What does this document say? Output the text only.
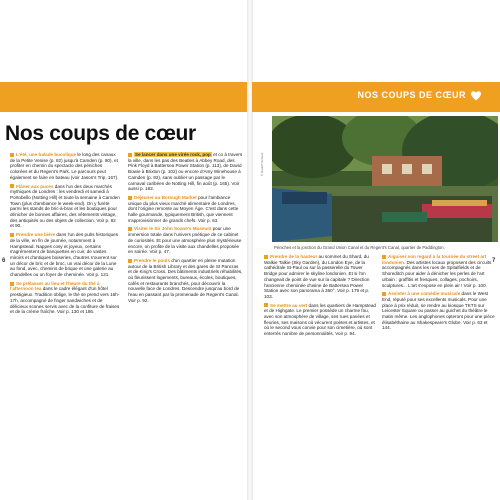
Nos coups de cœur
L'été, une balade bucolique le long des canaux de la Petite Venise (p. 82) jusqu'à Camden (p. 90), et profiter en chemin du spectacle des péniches colorées et du Regent's Park. Le parcours peut également se faire en bateau (voir Jason's Trip, 167).
Flâner aux puces dans l'un des deux marchés mythiques de Londres : les vendredi et samedi à Portobello (Notting Hill) et toute la semaine à Camden Town (plus d'ambiance le week-end). On y furète parmi les stands de bric-à-brac et les boutiques pour dénicher de bonnes affaires, des vêtements vintage, des antiquités ou des objets de collection. Voir p. 82 et 90.
Prendre une bière dans l'un des pubs historiques de la ville, en fin de journée, notamment à Hampstead. Nappes cosy et joyeux, certains s'agrémentent de banquettes en cuir, de vastes miroirs et d'antiques boiseries, d'autres s'ouvrent sur un décor de bric et de broc, un vrai décor de la Lune au fond, avec, chemins de brique et une galerie au chandelles ou un foyer de cheminée. Voir p. 121.
Se prélasser au lieu et l'heure du thé à l'afternoon tea dans le cadre élégant d'un hôtel prestigieux. Tradition oblige, le thé se prend vers 16h-17h, accompagné de finger sandwiches et de délicieux scones servis avec de la confiture de fraises et de la crème fraîche. Voir p. 130 et 186.
Se lancer dans une virée rock, pop et co à travers la ville, dans les pas des Beatles à Abbey Road, des Pink Floyd à Battersea Power Station (p. 113), de David Bowie à Brixton (p. 102) ou encore d'Amy Winehouse à Camden (p. 92), sans oublier un passage par le carnaval caribéen de Notting Hill, fin août (p. 165). Voir aussi p. 182.
Déjeuner au Borough Market pour l'ambiance unique du plus vieux marché alimentaire de Londres, dont l'origine remonte au Moyen Âge. C'est dans cette halle gourmande, typiquement British, que viennent s'approvisionner de grands chefs. Voir p. 63.
Visiter le Sir John Soane's Museum pour une immersion totale dans l'univers poétique de ce cabinet de curiosités. Et pour une atmosphère plus mystérieuse encore, on profite de la visite aux chandelles proposée en soirée. Voir p. 47.
Prendre le pouls d'un quartier en pleine mutation autour de la British Library et des gares de St Pancras et de King's Cross. Des bâtiments industriels réhabilités, où fleurissent logements, bureaux, écoles, boutiques, cafés et restaurants branchés, pour découvrir la nouvelle face de Londres. Descendre jusqu'au bord de l'eau en passant par la promenade de Regent's Canal. Voir p. 92.
6
NOS COUPS DE CŒUR
© Rudolf Tschenk
Péniches et la jonction du Grand Union Canal et du Regent's Canal, quartier de Paddington.
Prendre de la hauteur au sommet du Shard, du Walkie Talkie (Sky Garden), du London Eye, de la cathédrale St-Paul ou sur la passerelle du Tower Bridge pour admirer le skyline londonien. Et si l'on changeait de point de vue sur la capitale ? Direction l'ancienne cheminée d'usine de Battersea Power Station avec son panorama à 360°. Voir p. 179 et p. 103.
Se mettre au vert dans les quartiers de Hampstead et de Highgate. Le premier possède un charme fou, avec son atmosphère de village, ses rues pavées et fleuries, ses maisons où vécurent poètes et artistes, et où le second vous convie pour son cimetière, où sont enterrés nombre de personnalités. Voir p. 94.
Aiguiser son regard à la tournée du street art londonien. Des artistes locaux proposent des circuits accompagnés dans les rues de Spitalfields et de Shoreditch pour aider à dénicher les perles de l'art urbain : graffitis et fresques, collages, pochoirs, sculptures... L'art s'expose en plein air ! Voir p. 100.
Assister à une comédie musicale dans le West End, réputé pour ses excellents musicals. Pour une place à prix réduit, se rendre au kiosque TKTS sur Leicester Square ou passer au guichet du théâtre le matin même. Les anglophones opteront pour une pièce élisabéthaine au Shakespeare's Globe. Voir p. 63 et 144.
7
